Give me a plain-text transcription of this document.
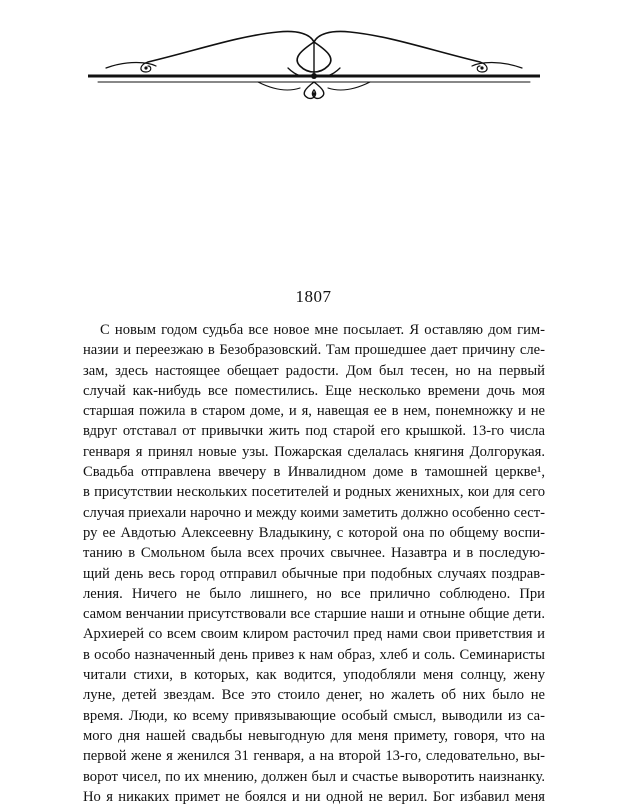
1807
С новым годом судьба все новое мне посылает. Я оставляю дом гим-
назии и переезжаю в Безобразовский. Там прошедшее дает причину сле-
зам, здесь настоящее обещает радости. Дом был тесен, но на первый
случай как-нибудь все поместились. Еще несколько времени дочь моя
старшая пожила в старом доме, и я, навещая ее в нем, понемножку и не
вдруг отставал от привычки жить под старой его крышкой. 13-го числа
генваря я принял новые узы. Пожарская сделалась княгиня Долгорукая.
Свадьба отправлена ввечеру в Инвалидном доме в тамошней церкве¹,
в присутствии нескольких посетителей и родных женихных, кои для сего
случая приехали нарочно и между коими заметить должно особенно сест-
ру ее Авдотью Алексеевну Владыкину, с которой она по общему воспи-
танию в Смольном была всех прочих свычнее. Назавтра и в последую-
щий день весь город отправил обычные при подобных случаях поздрав-
ления. Ничего не было лишнего, но все прилично соблюдено. При
самом венчании присутствовали все старшие наши и отныне общие дети.
Архиерей со всем своим клиром расточил пред нами свои приветствия и
в особо назначенный день привез к нам образ, хлеб и соль. Семинаристы
читали стихи, в которых, как водится, уподобляли меня солнцу, жену
луне, детей звездам. Все это стоило денег, но жалеть об них было не
время. Люди, ко всему привязывающие особый смысл, выводили из са-
мого дня нашей свадьбы невыгодную для меня примету, говоря, что на
первой жене я женился 31 генваря, а на второй 13-го, следовательно, вы-
ворот чисел, по их мнению, должен был и счастье выворотить наизнанку.
Но я никаких примет не боялся и ни одной не верил. Бог избавил меня
